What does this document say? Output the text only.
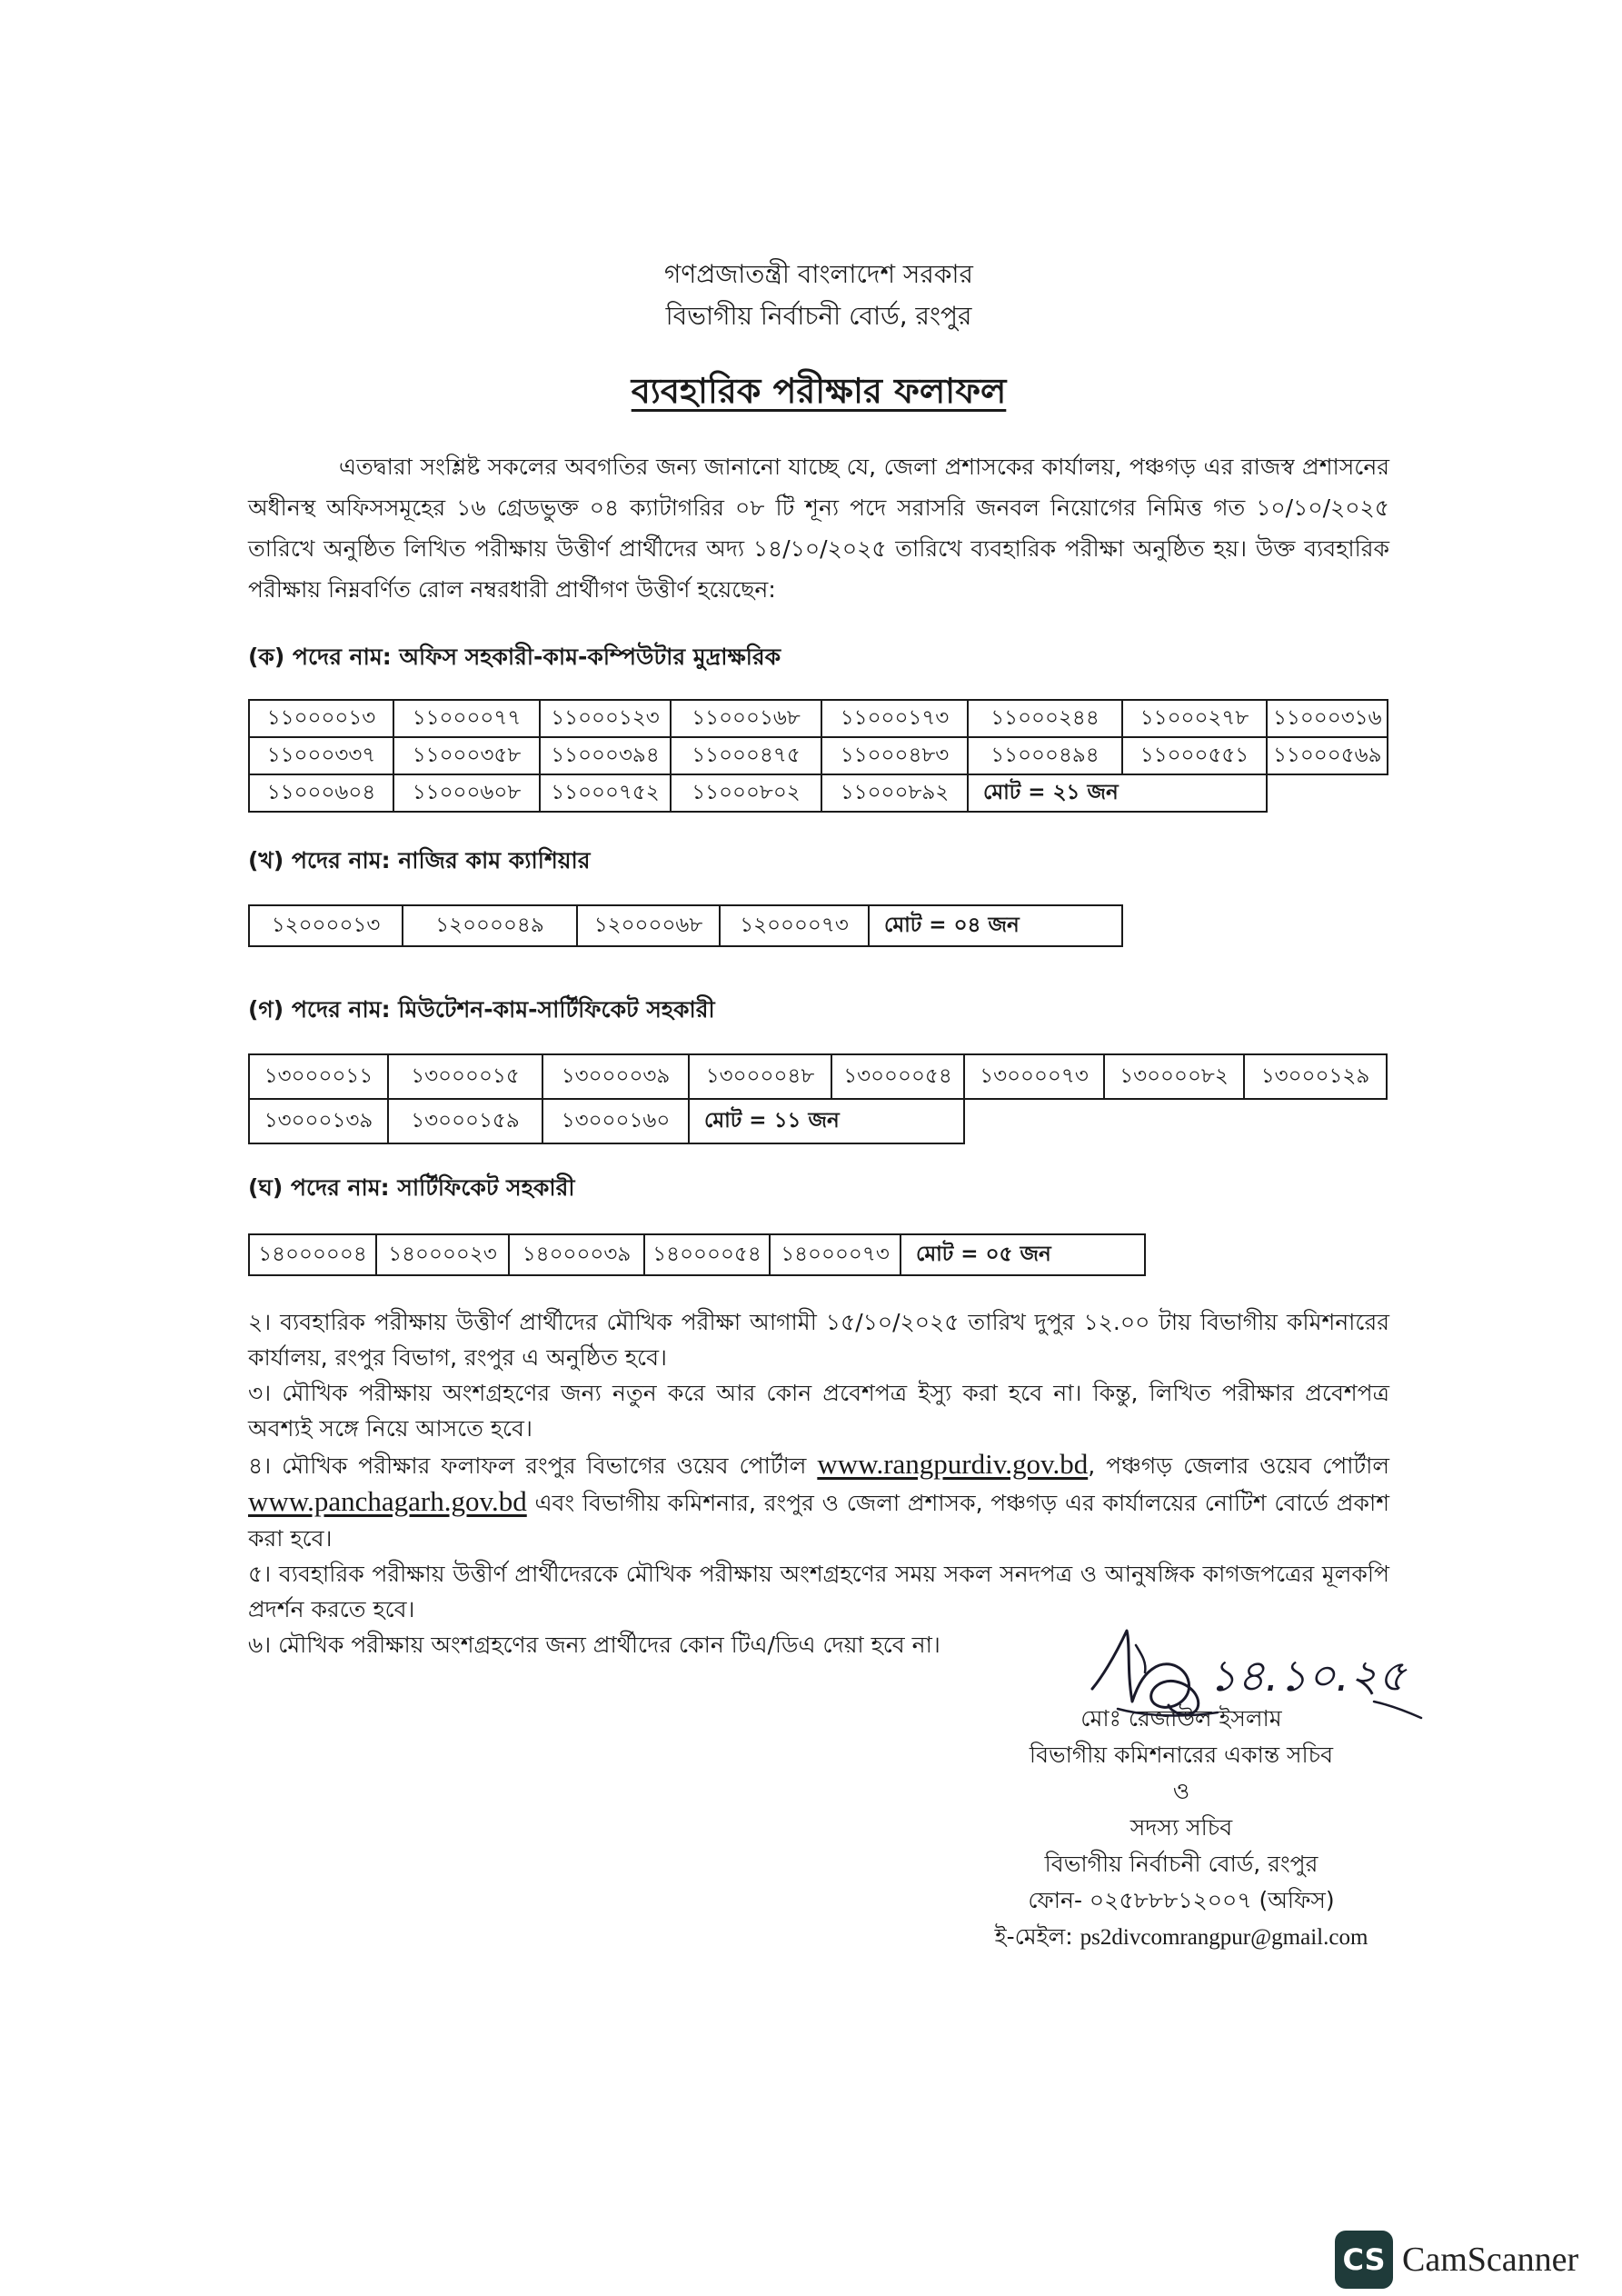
গণপ্রজাতন্ত্রী বাংলাদেশ সরকার

বিভাগীয় নির্বাচনী বোর্ড, রংপুর

ব্যবহারিক পরীক্ষার ফলাফল

এতদ্বারা সংশ্লিষ্ট সকলের অবগতির জন্য জানানো যাচ্ছে যে, জেলা প্রশাসকের কার্যালয়, পঞ্চগড় এর রাজস্ব প্রশাসনের অধীনস্থ অফিসসমূহের ১৬ গ্রেডভুক্ত ০৪ ক্যাটাগরির ০৮ টি শূন্য পদে সরাসরি জনবল নিয়োগের নিমিত্ত গত ১০/১০/২০২৫ তারিখে অনুষ্ঠিত লিখিত পরীক্ষায় উত্তীর্ণ প্রার্থীদের অদ্য ১৪/১০/২০২৫ তারিখে ব্যবহারিক পরীক্ষা অনুষ্ঠিত হয়। উক্ত ব্যবহারিক পরীক্ষায় নিম্নবর্ণিত রোল নম্বরধারী প্রার্থীগণ উত্তীর্ণ হয়েছেন:

(ক) পদের নাম: অফিস সহকারী-কাম-কম্পিউটার মুদ্রাক্ষরিক

১১০০০০১৩	১১০০০০৭৭	১১০০০১২৩	১১০০০১৬৮	১১০০০১৭৩	১১০০০২৪৪	১১০০০২৭৮	১১০০০৩১৬
১১০০০৩৩৭	১১০০০৩৫৮	১১০০০৩৯৪	১১০০০৪৭৫	১১০০০৪৮৩	১১০০০৪৯৪	১১০০০৫৫১	১১০০০৫৬৯
১১০০০৬০৪	১১০০০৬০৮	১১০০০৭৫২	১১০০০৮০২	১১০০০৮৯২	মোট = ২১ জন		

(খ) পদের নাম: নাজির কাম ক্যাশিয়ার

১২০০০০১৩	১২০০০০৪৯	১২০০০০৬৮	১২০০০০৭৩	মোট = ০৪ জন

(গ) পদের নাম: মিউটেশন-কাম-সার্টিফিকেট সহকারী

১৩০০০০১১	১৩০০০০১৫	১৩০০০০৩৯	১৩০০০০৪৮	১৩০০০০৫৪	১৩০০০০৭৩	১৩০০০০৮২	১৩০০০১২৯
১৩০০০১৩৯	১৩০০০১৫৯	১৩০০০১৬০	মোট = ১১ জন				

(ঘ) পদের নাম: সার্টিফিকেট সহকারী

১৪০০০০০৪	১৪০০০০২৩	১৪০০০০৩৯	১৪০০০০৫৪	১৪০০০০৭৩	মোট = ০৫ জন

২। ব্যবহারিক পরীক্ষায় উত্তীর্ণ প্রার্থীদের মৌখিক পরীক্ষা আগামী ১৫/১০/২০২৫ তারিখ দুপুর ১২.০০ টায় বিভাগীয় কমিশনারের কার্যালয়, রংপুর বিভাগ, রংপুর এ অনুষ্ঠিত হবে।

৩। মৌখিক পরীক্ষায় অংশগ্রহণের জন্য নতুন করে আর কোন প্রবেশপত্র ইস্যু করা হবে না। কিন্তু, লিখিত পরীক্ষার প্রবেশপত্র অবশ্যই সঙ্গে নিয়ে আসতে হবে।

৪। মৌখিক পরীক্ষার ফলাফল রংপুর বিভাগের ওয়েব পোর্টাল www.rangpurdiv.gov.bd, পঞ্চগড় জেলার ওয়েব পোর্টাল www.panchagarh.gov.bd এবং বিভাগীয় কমিশনার, রংপুর ও জেলা প্রশাসক, পঞ্চগড় এর কার্যালয়ের নোটিশ বোর্ডে প্রকাশ করা হবে।

৫। ব্যবহারিক পরীক্ষায় উত্তীর্ণ প্রার্থীদেরকে মৌখিক পরীক্ষায় অংশগ্রহণের সময় সকল সনদপত্র ও আনুষঙ্গিক কাগজপত্রের মূলকপি প্রদর্শন করতে হবে।

৬। মৌখিক পরীক্ষায় অংশগ্রহণের জন্য প্রার্থীদের কোন টিএ/ডিএ দেয়া হবে না।

মোঃ রেজাউল ইসলাম

বিভাগীয় কমিশনারের একান্ত সচিব

ও

সদস্য সচিব

বিভাগীয় নির্বাচনী বোর্ড, রংপুর

ফোন- ০২৫৮৮৮১২০০৭ (অফিস)

ই-মেইল: ps2divcomrangpur@gmail.com

১৪.১০.২৫
CS CamScanner
